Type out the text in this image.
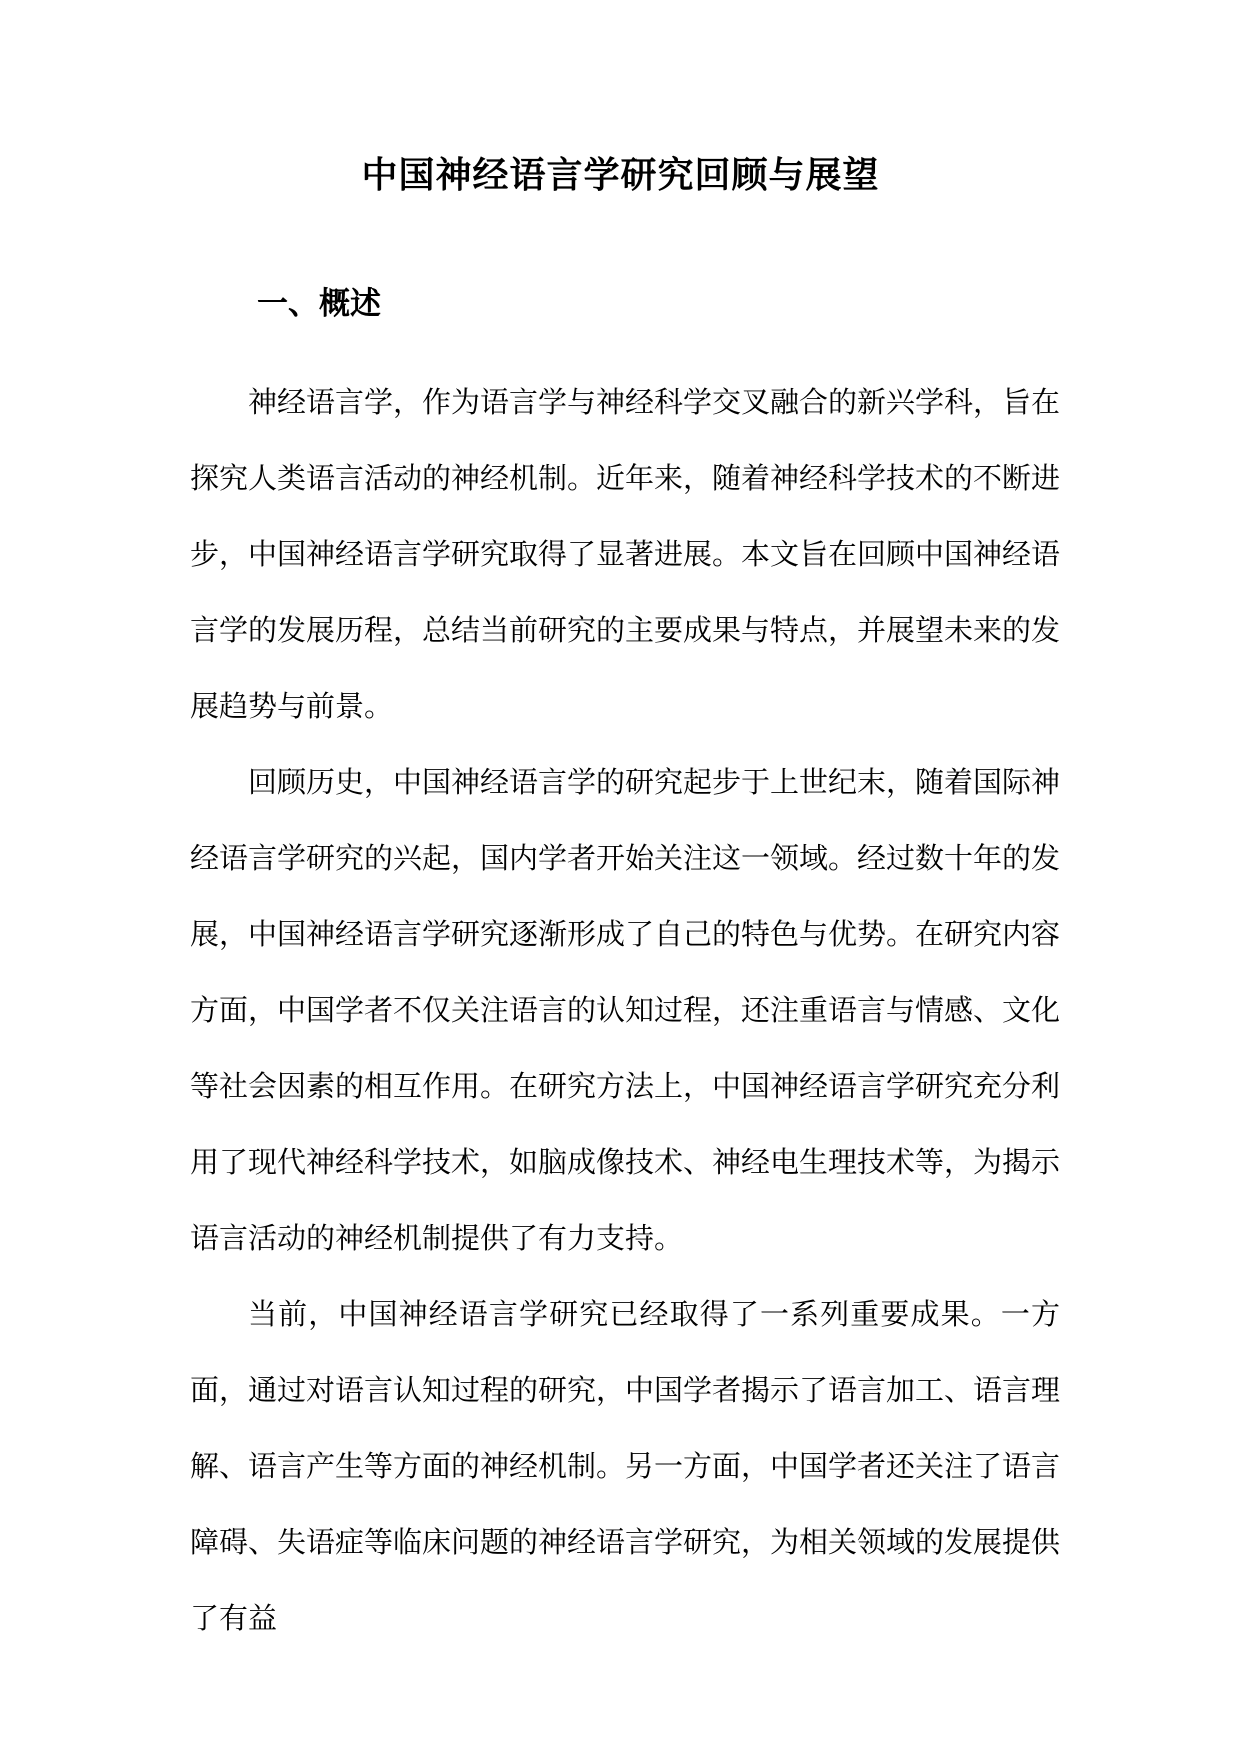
中国神经语言学研究回顾与展望
一、概述

神经语言学，作为语言学与神经科学交叉融合的新兴学科，旨在探究人类语言活动的神经机制。近年来，随着神经科学技术的不断进步，中国神经语言学研究取得了显著进展。本文旨在回顾中国神经语言学的发展历程，总结当前研究的主要成果与特点，并展望未来的发展趋势与前景。

回顾历史，中国神经语言学的研究起步于上世纪末，随着国际神经语言学研究的兴起，国内学者开始关注这一领域。经过数十年的发展，中国神经语言学研究逐渐形成了自己的特色与优势。在研究内容方面，中国学者不仅关注语言的认知过程，还注重语言与情感、文化等社会因素的相互作用。在研究方法上，中国神经语言学研究充分利用了现代神经科学技术，如脑成像技术、神经电生理技术等，为揭示语言活动的神经机制提供了有力支持。

当前，中国神经语言学研究已经取得了一系列重要成果。一方面，通过对语言认知过程的研究，中国学者揭示了语言加工、语言理解、语言产生等方面的神经机制。另一方面，中国学者还关注了语言障碍、失语症等临床问题的神经语言学研究，为相关领域的发展提供了有益
